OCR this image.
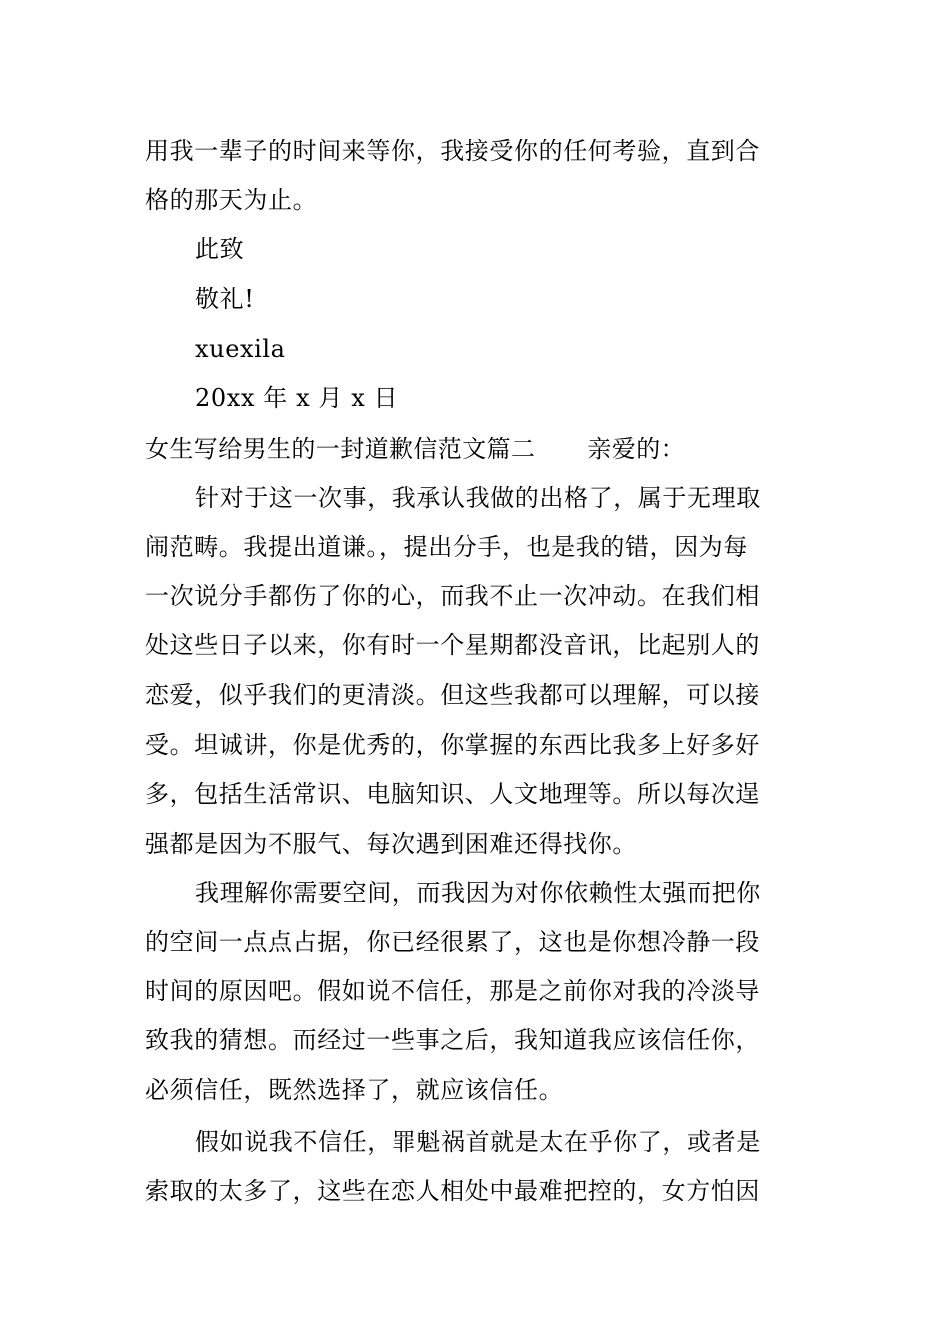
用我一辈子的时间来等你，我接受你的任何考验，直到合
格的那天为止。
此致
敬礼!
xuexila
20xx 年 x 月 x 日
女生写给男生的一封道歉信范文篇二 亲爱的：
针对于这一次事，我承认我做的出格了，属于无理取
闹范畴。我提出道谦。，提出分手，也是我的错，因为每
一次说分手都伤了你的心，而我不止一次冲动。在我们相
处这些日子以来，你有时一个星期都没音讯，比起别人的
恋爱，似乎我们的更清淡。但这些我都可以理解，可以接
受。坦诚讲，你是优秀的，你掌握的东西比我多上好多好
多，包括生活常识、电脑知识、人文地理等。所以每次逞
强都是因为不服气、每次遇到困难还得找你。
我理解你需要空间，而我因为对你依赖性太强而把你
的空间一点点占据，你已经很累了，这也是你想冷静一段
时间的原因吧。假如说不信任，那是之前你对我的冷淡导
致我的猜想。而经过一些事之后，我知道我应该信任你，
必须信任，既然选择了，就应该信任。
假如说我不信任，罪魁祸首就是太在乎你了，或者是
索取的太多了，这些在恋人相处中最难把控的，女方怕因
